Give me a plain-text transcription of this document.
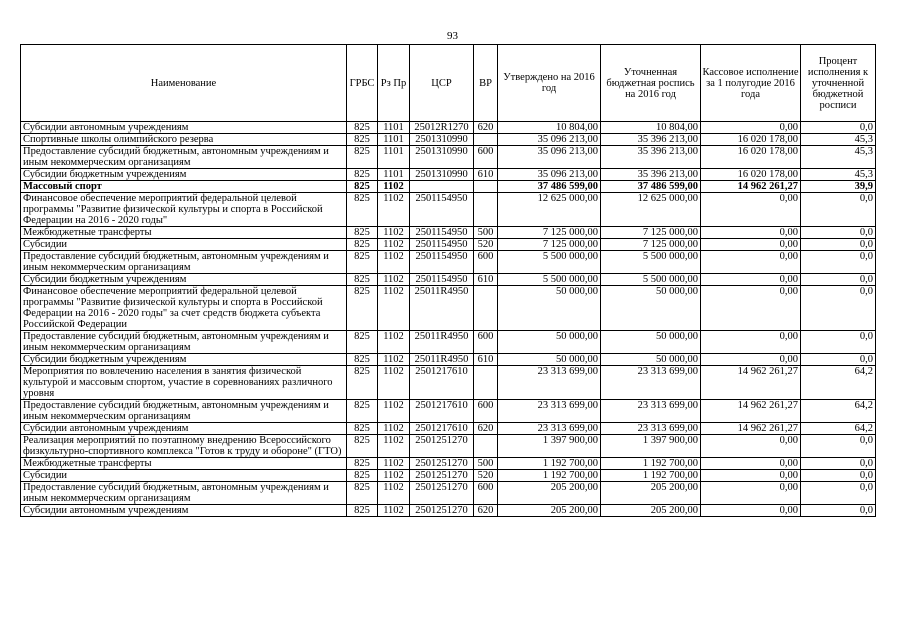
93
Наименование	ГРБС	Рз Пр	ЦСР	ВР	Утверждено на 2016 год	Уточненная бюджетная роспись на 2016 год	Кассовое исполнение за 1 полугодие 2016 года	Процент исполнения к уточненной бюджетной росписи
Субсидии автономным учреждениям	825	1101	25012R1270	620	10 804,00	10 804,00	0,00	0,0
Спортивные школы олимпийского резерва	825	1101	2501310990		35 096 213,00	35 396 213,00	16 020 178,00	45,3
Предоставление субсидий бюджетным, автономным учреждениям и иным некоммерческим организациям	825	1101	2501310990	600	35 096 213,00	35 396 213,00	16 020 178,00	45,3
Субсидии бюджетным учреждениям	825	1101	2501310990	610	35 096 213,00	35 396 213,00	16 020 178,00	45,3
Массовый спорт	825	1102			37 486 599,00	37 486 599,00	14 962 261,27	39,9
Финансовое обеспечение мероприятий федеральной целевой программы "Развитие физической культуры и спорта в Российской Федерации на 2016 - 2020 годы"	825	1102	2501154950		12 625 000,00	12 625 000,00	0,00	0,0
Межбюджетные трансферты	825	1102	2501154950	500	7 125 000,00	7 125 000,00	0,00	0,0
Субсидии	825	1102	2501154950	520	7 125 000,00	7 125 000,00	0,00	0,0
Предоставление субсидий бюджетным, автономным учреждениям и иным некоммерческим организациям	825	1102	2501154950	600	5 500 000,00	5 500 000,00	0,00	0,0
Субсидии бюджетным учреждениям	825	1102	2501154950	610	5 500 000,00	5 500 000,00	0,00	0,0
Финансовое обеспечение мероприятий федеральной целевой программы "Развитие физической культуры и спорта в Российской Федерации на 2016 - 2020 годы" за счет средств бюджета субъекта Российской Федерации	825	1102	25011R4950		50 000,00	50 000,00	0,00	0,0
Предоставление субсидий бюджетным, автономным учреждениям и иным некоммерческим организациям	825	1102	25011R4950	600	50 000,00	50 000,00	0,00	0,0
Субсидии бюджетным учреждениям	825	1102	25011R4950	610	50 000,00	50 000,00	0,00	0,0
Мероприятия по вовлечению населения в занятия физической культурой и массовым спортом, участие в соревнованиях различного уровня	825	1102	2501217610		23 313 699,00	23 313 699,00	14 962 261,27	64,2
Предоставление субсидий бюджетным, автономным учреждениям и иным некоммерческим организациям	825	1102	2501217610	600	23 313 699,00	23 313 699,00	14 962 261,27	64,2
Субсидии автономным учреждениям	825	1102	2501217610	620	23 313 699,00	23 313 699,00	14 962 261,27	64,2
Реализация мероприятий по поэтапному внедрению Всероссийского физкультурно-спортивного комплекса "Готов к труду и обороне" (ГТО)	825	1102	2501251270		1 397 900,00	1 397 900,00	0,00	0,0
Межбюджетные трансферты	825	1102	2501251270	500	1 192 700,00	1 192 700,00	0,00	0,0
Субсидии	825	1102	2501251270	520	1 192 700,00	1 192 700,00	0,00	0,0
Предоставление субсидий бюджетным, автономным учреждениям и иным некоммерческим организациям	825	1102	2501251270	600	205 200,00	205 200,00	0,00	0,0
Субсидии автономным учреждениям	825	1102	2501251270	620	205 200,00	205 200,00	0,00	0,0
